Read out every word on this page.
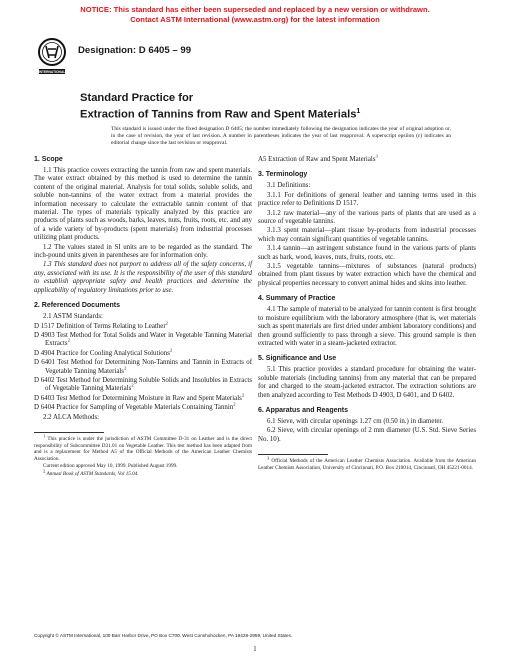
NOTICE: This standard has either been superseded and replaced by a new version or withdrawn.
Contact ASTM International (www.astm.org) for the latest information
INTERNATIONAL
Designation: D 6405 – 99
Standard Practice for
Extraction of Tannins from Raw and Spent Materials$^1$
This standard is issued under the fixed designation D 6405; the number immediately following the designation indicates the year of original adoption or, in the case of revision, the year of last revision. A number in parentheses indicates the year of last reapproval. A superscript epsilon (ε) indicates an editorial change since the last revision or reapproval.
1. Scope

1.1 This practice covers extracting the tannin from raw and spent materials. The water extract obtained by this method is used to determine the tannin content of the original material. Analysis for total solids, soluble solids, and soluble non-tannins of the water extract from a material provides the information necessary to calculate the extractable tannin content of that material. The types of materials typically analyzed by this practice are products of plants such as woods, barks, leaves, nuts, fruits, roots, etc. and any of a wide variety of by-products (spent materials) from industrial processes utilizing plant products.

1.2 The values stated in SI units are to be regarded as the standard. The inch-pound units given in parentheses are for information only.

1.3 This standard does not purport to address all of the safety concerns, if any, associated with its use. It is the responsibility of the user of this standard to establish appropriate safety and health practices and determine the applicability of regulatory limitations prior to use.

2. Referenced Documents

2.1 ASTM Standards:

D 1517 Definition of Terms Relating to Leather$^2$

D 4903 Test Method for Total Solids and Water in Vegetable Tanning Material Extracts$^2$

D 4904 Practice for Cooling Analytical Solutions$^2$

D 6401 Test Method for Determining Non-Tannins and Tannin in Extracts of Vegetable Tanning Materials$^2$

D 6402 Test Method for Determining Soluble Solids and Insolubles in Extracts of Vegetable Tanning Materials$^2$

D 6403 Test Method for Determining Moisture in Raw and Spent Materials$^2$

D 6404 Practice for Sampling of Vegetable Materials Containing Tannin$^2$

2.2 ALCA Methods:

1 This practice is under the jurisdiction of ASTM Committee D-31 on Leather and is the direct responsibility of Subcommittee D31.01 on Vegetable Leather. This test method has been adapted from and is a replacement for Method A5 of the Official Methods of the American Leather Chemists Association.

Current edition approved May 10, 1999. Published August 1999.

2 Annual Book of ASTM Standards, Vol 15.04.

A5 Extraction of Raw and Spent Materials$^3$

3. Terminology

3.1 Definitions:

3.1.1 For definitions of general leather and tanning terms used in this practice refer to Definitions D 1517.

3.1.2 raw material—any of the various parts of plants that are used as a source of vegetable tannins.

3.1.3 spent material—plant tissue by-products from industrial processes which may contain significant quantities of vegetable tannins.

3.1.4 tannin—an astringent substance found in the various parts of plants such as bark, wood, leaves, nuts, fruits, roots, etc.

3.1.5 vegetable tannins—mixtures of substances (natural products) obtained from plant tissues by water extraction which have the chemical and physical properties necessary to convert animal hides and skins into leather.

4. Summary of Practice

4.1 The sample of material to be analyzed for tannin content is first brought to moisture equilibrium with the laboratory atmosphere (that is, wet materials such as spent materials are first dried under ambient laboratory conditions) and then ground sufficiently to pass through a sieve. This ground sample is then extracted with water in a steam-jacketed extractor.

5. Significance and Use

5.1 This practice provides a standard procedure for obtaining the water-soluble materials (including tannins) from any material that can be prepared for and charged to the steam-jacketed extractor. The extraction solutions are then analyzed according to Test Methods D 4903, D 6401, and D 6402.

6. Apparatus and Reagents

6.1 Sieve, with circular openings 1.27 cm (0.50 in.) in diameter.

6.2 Sieve, with circular openings of 2 mm diameter (U.S. Std. Sieve Series No. 10).

3 Official Methods of the American Leather Chemists Association. Available from the American Leather Chemists Association, University of Cincinnati, P.O. Box 210014, Cincinnati, OH 45221-0014.

Copyright © ASTM International, 100 Barr Harbor Drive, PO Box C700, West Conshohocken, PA 19428-2959, United States.
1
